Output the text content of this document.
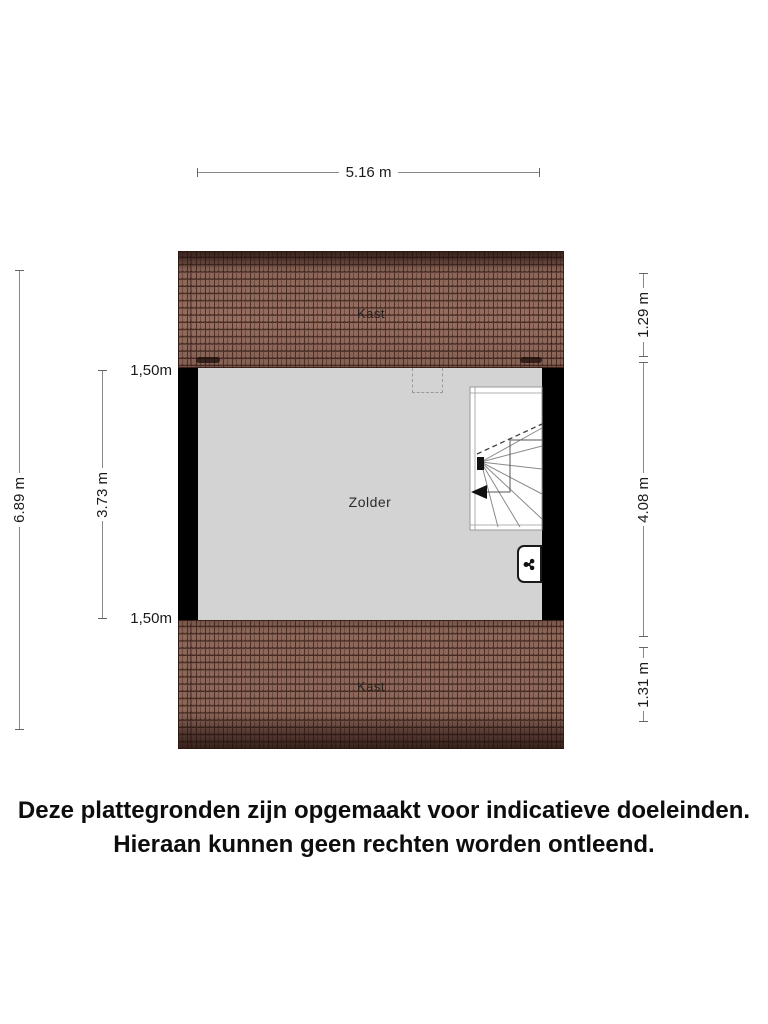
5.16 m
Kast
Zolder
Kast
6.89 m	3.73 m
1,50m
1,50m
1.29 m
4.08 m
1.31 m
Deze plattegronden zijn opgemaakt voor indicatieve doeleinden.
Hieraan kunnen geen rechten worden ontleend.
